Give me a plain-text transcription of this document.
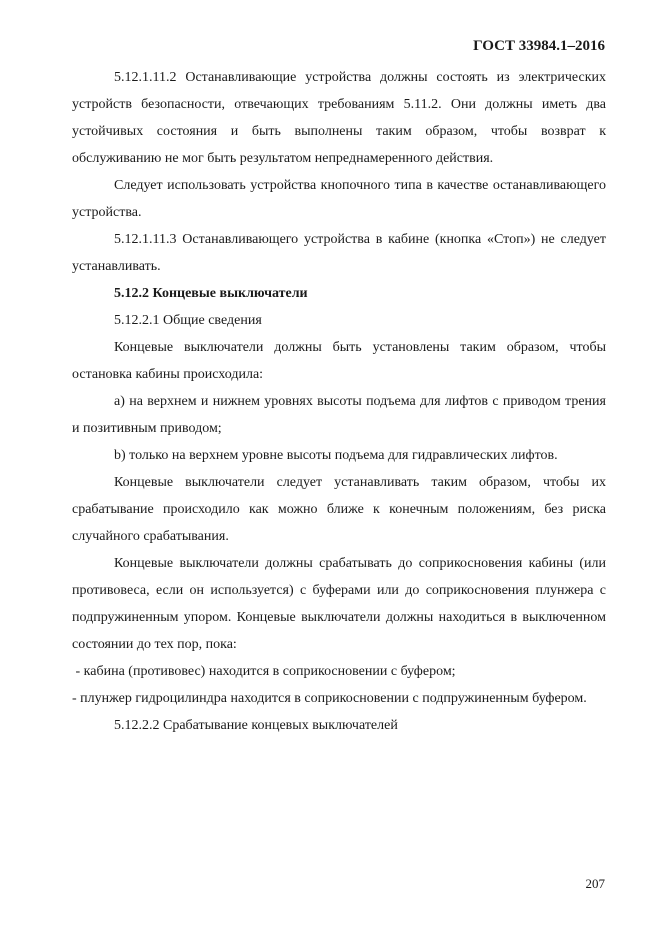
ГОСТ 33984.1–2016

5.12.1.11.2 Останавливающие устройства должны состоять из электрических устройств безопасности, отвечающих требованиям 5.11.2. Они должны иметь два устойчивых состояния и быть выполнены таким образом, чтобы возврат к обслуживанию не мог быть результатом непреднамеренного действия.

Следует использовать устройства кнопочного типа в качестве останавливающего устройства.

5.12.1.11.3 Останавливающего устройства в кабине (кнопка «Стоп») не следует устанавливать.

5.12.2 Концевые выключатели

5.12.2.1 Общие сведения

Концевые выключатели должны быть установлены таким образом, чтобы остановка кабины происходила:

a) на верхнем и нижнем уровнях высоты подъема для лифтов с приводом трения и позитивным приводом;

b) только на верхнем уровне высоты подъема для гидравлических лифтов.

Концевые выключатели следует устанавливать таким образом, чтобы их срабатывание происходило как можно ближе к конечным положениям, без риска случайного срабатывания.

Концевые выключатели должны срабатывать до соприкосновения кабины (или противовеса, если он используется) с буферами или до соприкосновения плунжера с подпружиненным упором. Концевые выключатели должны находиться в выключенном состоянии до тех пор, пока:

- кабина (противовес) находится в соприкосновении с буфером;

- плунжер гидроцилиндра находится в соприкосновении с подпружиненным буфером.

5.12.2.2 Срабатывание концевых выключателей

207
